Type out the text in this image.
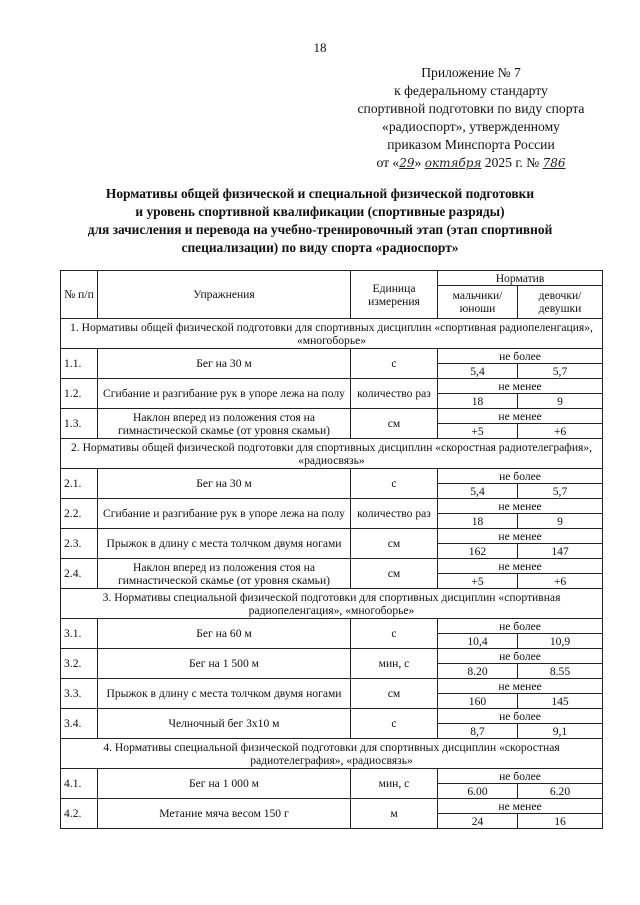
18
Приложение № 7
к федеральному стандарту
спортивной подготовки по виду спорта
«радиоспорт», утвержденному
приказом Минспорта России
от «29» октября 2025 г. № 786
Нормативы общей физической и специальной физической подготовки
и уровень спортивной квалификации (спортивные разряды)
для зачисления и перевода на учебно-тренировочный этап (этап спортивной
специализации) по виду спорта «радиоспорт»
№ п/п	Упражнения	Единица измерения	Норматив	
			мальчики/ юноши	девочки/ девушки
1. Нормативы общей физической подготовки для спортивных дисциплин «спортивная радиопеленгация», «многоборье»				
1.1.	Бег на 30 м	с	не более	
			5,4	5,7
1.2.	Сгибание и разгибание рук в упоре лежа на полу	количество раз	не менее	
			18	9
1.3.	Наклон вперед из положения стоя на гимнастической скамье (от уровня скамьи)	см	не менее	
			+5	+6
2. Нормативы общей физической подготовки для спортивных дисциплин «скоростная радиотелеграфия», «радиосвязь»				
2.1.	Бег на 30 м	с	не более	
			5,4	5,7
2.2.	Сгибание и разгибание рук в упоре лежа на полу	количество раз	не менее	
			18	9
2.3.	Прыжок в длину с места толчком двумя ногами	см	не менее	
			162	147
2.4.	Наклон вперед из положения стоя на гимнастической скамье (от уровня скамьи)	см	не менее	
			+5	+6
3. Нормативы специальной физической подготовки для спортивных дисциплин «спортивная радиопеленгация», «многоборье»				
3.1.	Бег на 60 м	с	не более	
			10,4	10,9
3.2.	Бег на 1 500 м	мин, с	не более	
			8.20	8.55
3.3.	Прыжок в длину с места толчком двумя ногами	см	не менее	
			160	145
3.4.	Челночный бег 3x10 м	с	не более	
			8,7	9,1
4. Нормативы специальной физической подготовки для спортивных дисциплин «скоростная радиотелеграфия», «радиосвязь»				
4.1.	Бег на 1 000 м	мин, с	не более	
			6.00	6.20
4.2.	Метание мяча весом 150 г	м	не менее	
			24	16
